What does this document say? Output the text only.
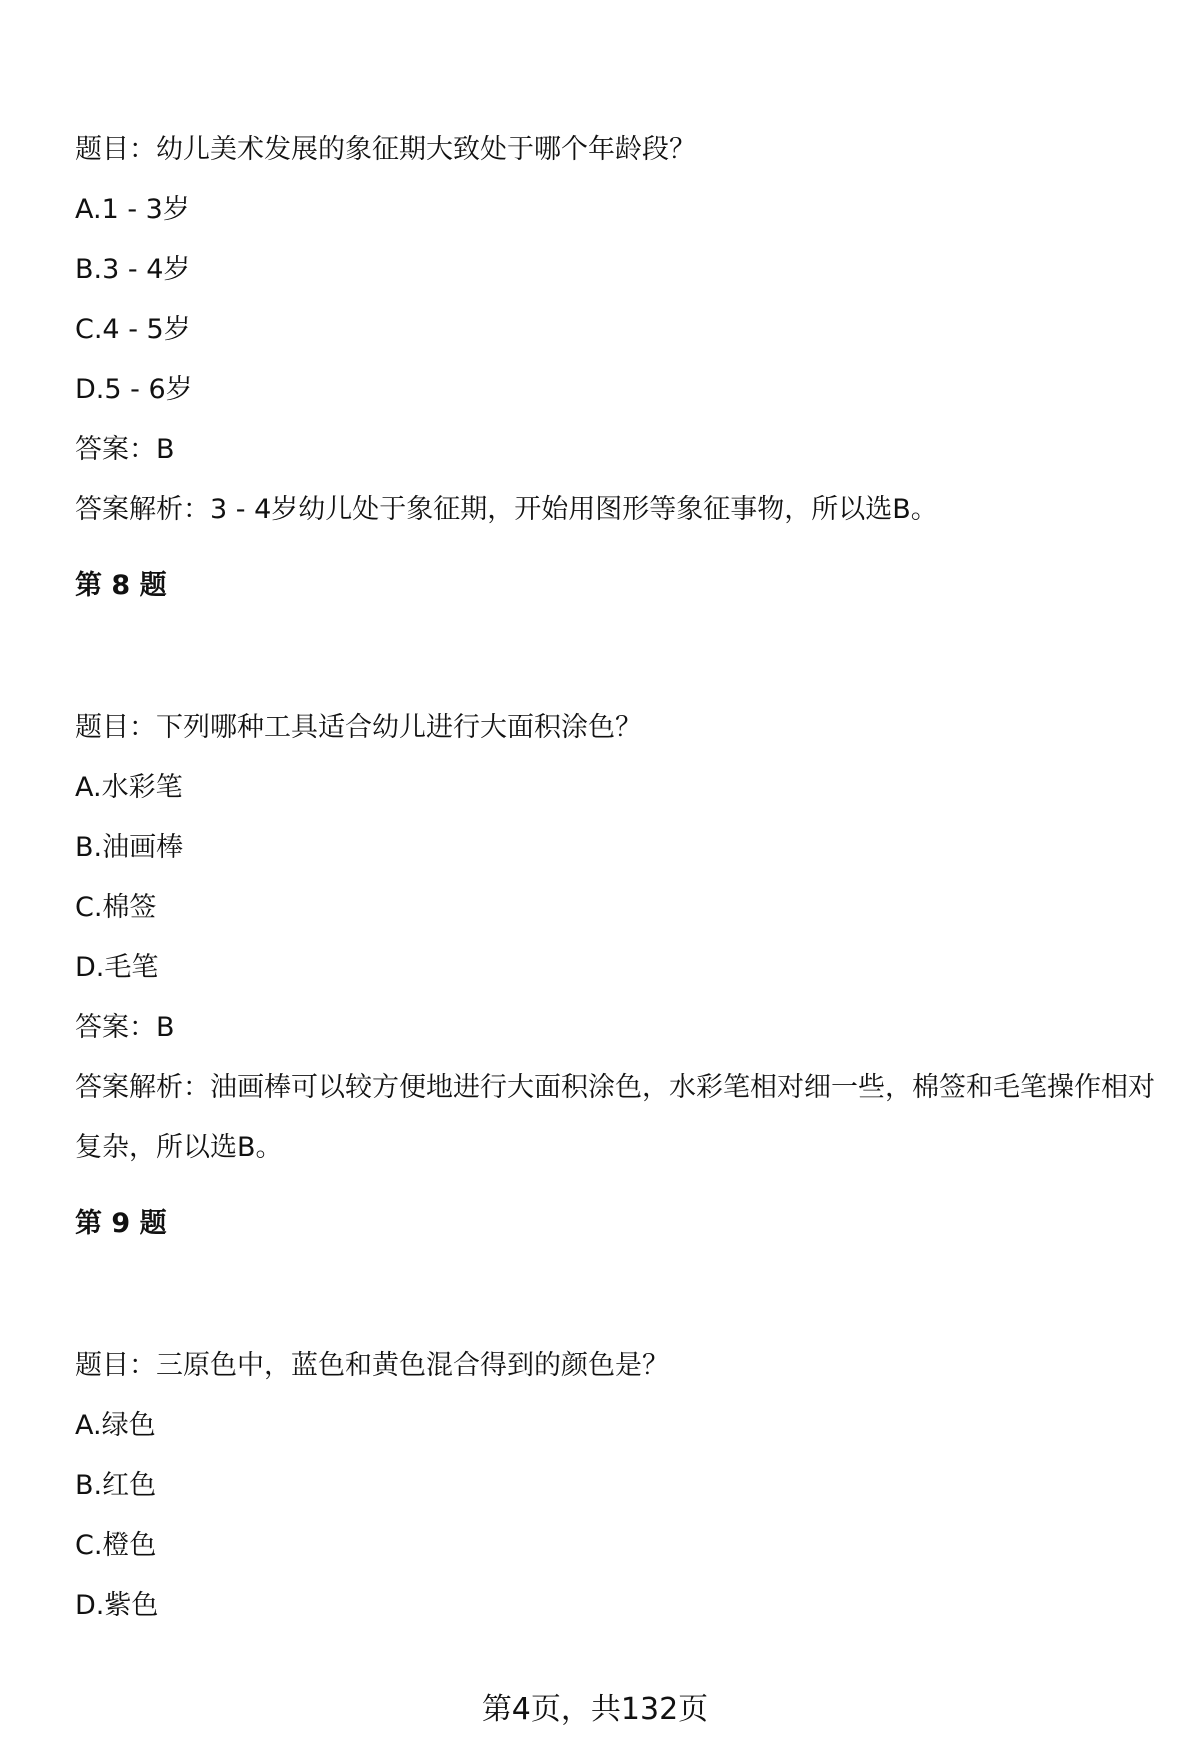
题目：幼儿美术发展的象征期大致处于哪个年龄段？
A.1 - 3岁
B.3 - 4岁
C.4 - 5岁
D.5 - 6岁
答案：B
答案解析：3 - 4岁幼儿处于象征期，开始用图形等象征事物，所以选B。
第 8 题
题目：下列哪种工具适合幼儿进行大面积涂色？
A.水彩笔
B.油画棒
C.棉签
D.毛笔
答案：B
答案解析：油画棒可以较方便地进行大面积涂色，水彩笔相对细一些，棉签和毛笔操作相对复杂，所以选B。
第 9 题
题目：三原色中，蓝色和黄色混合得到的颜色是？
A.绿色
B.红色
C.橙色
D.紫色
第4页，共132页
